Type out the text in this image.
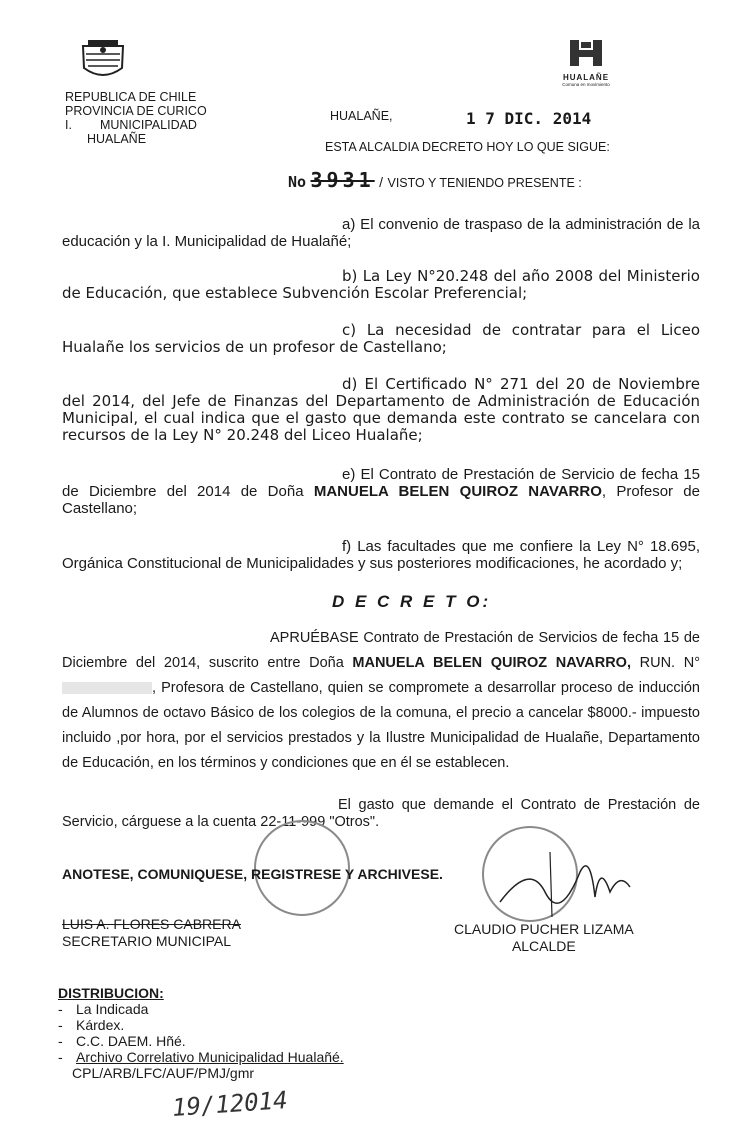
HUALAÑE
Comuna en movimiento
REPUBLICA DE CHILE
PROVINCIA DE CURICO
I. MUNICIPALIDAD
HUALAÑE
HUALAÑE,	1 7 DIC. 2014
ESTA ALCALDIA DECRETO HOY LO QUE SIGUE:
No 3931 / VISTO Y TENIENDO PRESENTE :
a) El convenio de traspaso de la administración de la educación y la I. Municipalidad de Hualañé;
b) La Ley N°20.248 del año 2008 del Ministerio de Educación, que establece Subvención Escolar Preferencial;
c) La necesidad de contratar para el Liceo Hualañe los servicios de un profesor de Castellano;
d) El Certificado N° 271 del 20 de Noviembre del 2014, del Jefe de Finanzas del Departamento de Administración de Educación Municipal, el cual indica que el gasto que demanda este contrato se cancelara con recursos de la Ley N° 20.248 del Liceo Hualañe;
e) El Contrato de Prestación de Servicio de fecha 15 de Diciembre del 2014 de Doña MANUELA BELEN QUIROZ NAVARRO, Profesor de Castellano;
f) Las facultades que me confiere la Ley N° 18.695, Orgánica Constitucional de Municipalidades y sus posteriores modificaciones, he acordado y;
D E C R E T O:
APRUÉBASE Contrato de Prestación de Servicios de fecha 15 de Diciembre del 2014, suscrito entre Doña MANUELA BELEN QUIROZ NAVARRO, RUN. N° , Profesora de Castellano, quien se compromete a desarrollar proceso de inducción de Alumnos de octavo Básico de los colegios de la comuna, el precio a cancelar $8000.- impuesto incluido ,por hora, por el servicios prestados y la Ilustre Municipalidad de Hualañe, Departamento de Educación, en los términos y condiciones que en él se establecen.
El gasto que demande el Contrato de Prestación de Servicio, cárguese a la cuenta 22-11-999 "Otros".
ANOTESE, COMUNIQUESE, REGISTRESE Y ARCHIVESE.
LUIS A. FLORES CABRERA
SECRETARIO MUNICIPAL
CLAUDIO PUCHER LIZAMA
ALCALDE
DISTRIBUCION:
- La Indicada
- Kárdex.
- C.C. DAEM. Hñé.
- Archivo Correlativo Municipalidad Hualañé.
CPL/ARB/LFC/AUF/PMJ/gmr
19/12014
